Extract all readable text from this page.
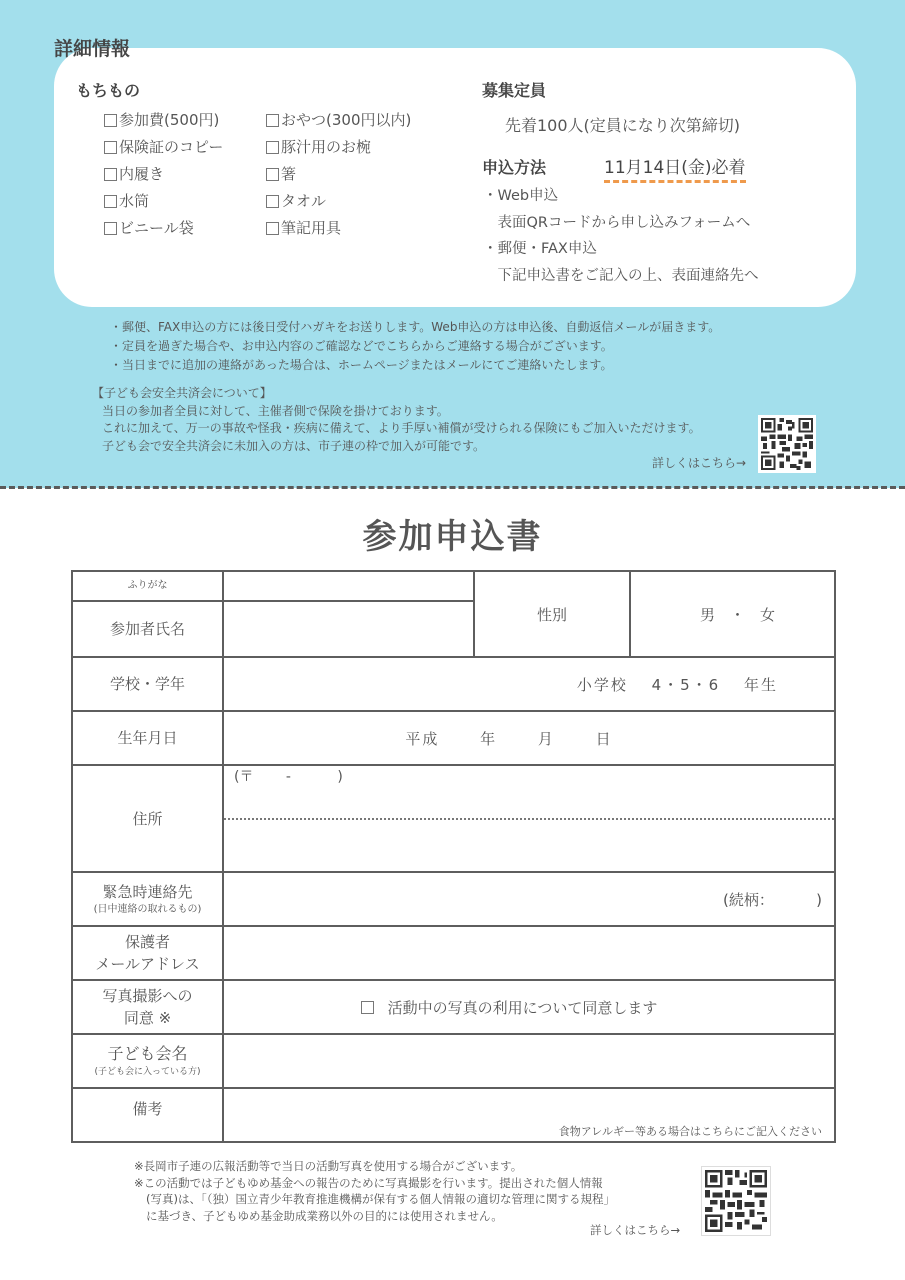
詳細情報
もちもの
参加費(500円)	おやつ(300円以内)
保険証のコピー	豚汁用のお椀
内履き	箸
水筒	タオル
ビニール袋	筆記用具
募集定員
先着100人(定員になり次第締切)
申込方法	11月14日(金)必着
・Web申込
　表面QRコードから申し込みフォームへ
・郵便・FAX申込
　下記申込書をご記入の上、表面連絡先へ
・郵便、FAX申込の方には後日受付ハガキをお送りします。Web申込の方は申込後、自動返信メールが届きます。
・定員を過ぎた場合や、お申込内容のご確認などでこちらからご連絡する場合がございます。
・当日までに追加の連絡があった場合は、ホームページまたはメールにてご連絡いたします。
【子ども会安全共済会について】
当日の参加者全員に対して、主催者側で保険を掛けております。
これに加えて、万一の事故や怪我・疾病に備えて、より手厚い補償が受けられる保険にもご加入いただけます。
子ども会で安全共済会に未加入の方は、市子連の枠で加入が可能です。
詳しくはこちら→
参加申込書
ふりがな		性別	男　・　女
参加者氏名			
学校・学年	小学校　 4・5・6　 年生		
生年月日	平成　　 年　　 月　　 日		
住所	(〒　　 -　　　 )		

緊急時連絡先
(日中連絡の取れるもの)	(続柄：　　　 )		

保護者
メールアドレス			

写真撮影への
同意 ※	活動中の写真の利用について同意します		

子ども会名
(子ども会に入っている方)			

備考	食物アレルギー等ある場合はこちらにご記入ください		
※長岡市子連の広報活動等で当日の活動写真を使用する場合がございます。
※この活動では子どもゆめ基金への報告のために写真撮影を行います。提出された個人情報
(写真)は、「（独）国立青少年教育推進機構が保有する個人情報の適切な管理に関する規程」
に基づき、子どもゆめ基金助成業務以外の目的には使用されません。
詳しくはこちら→
